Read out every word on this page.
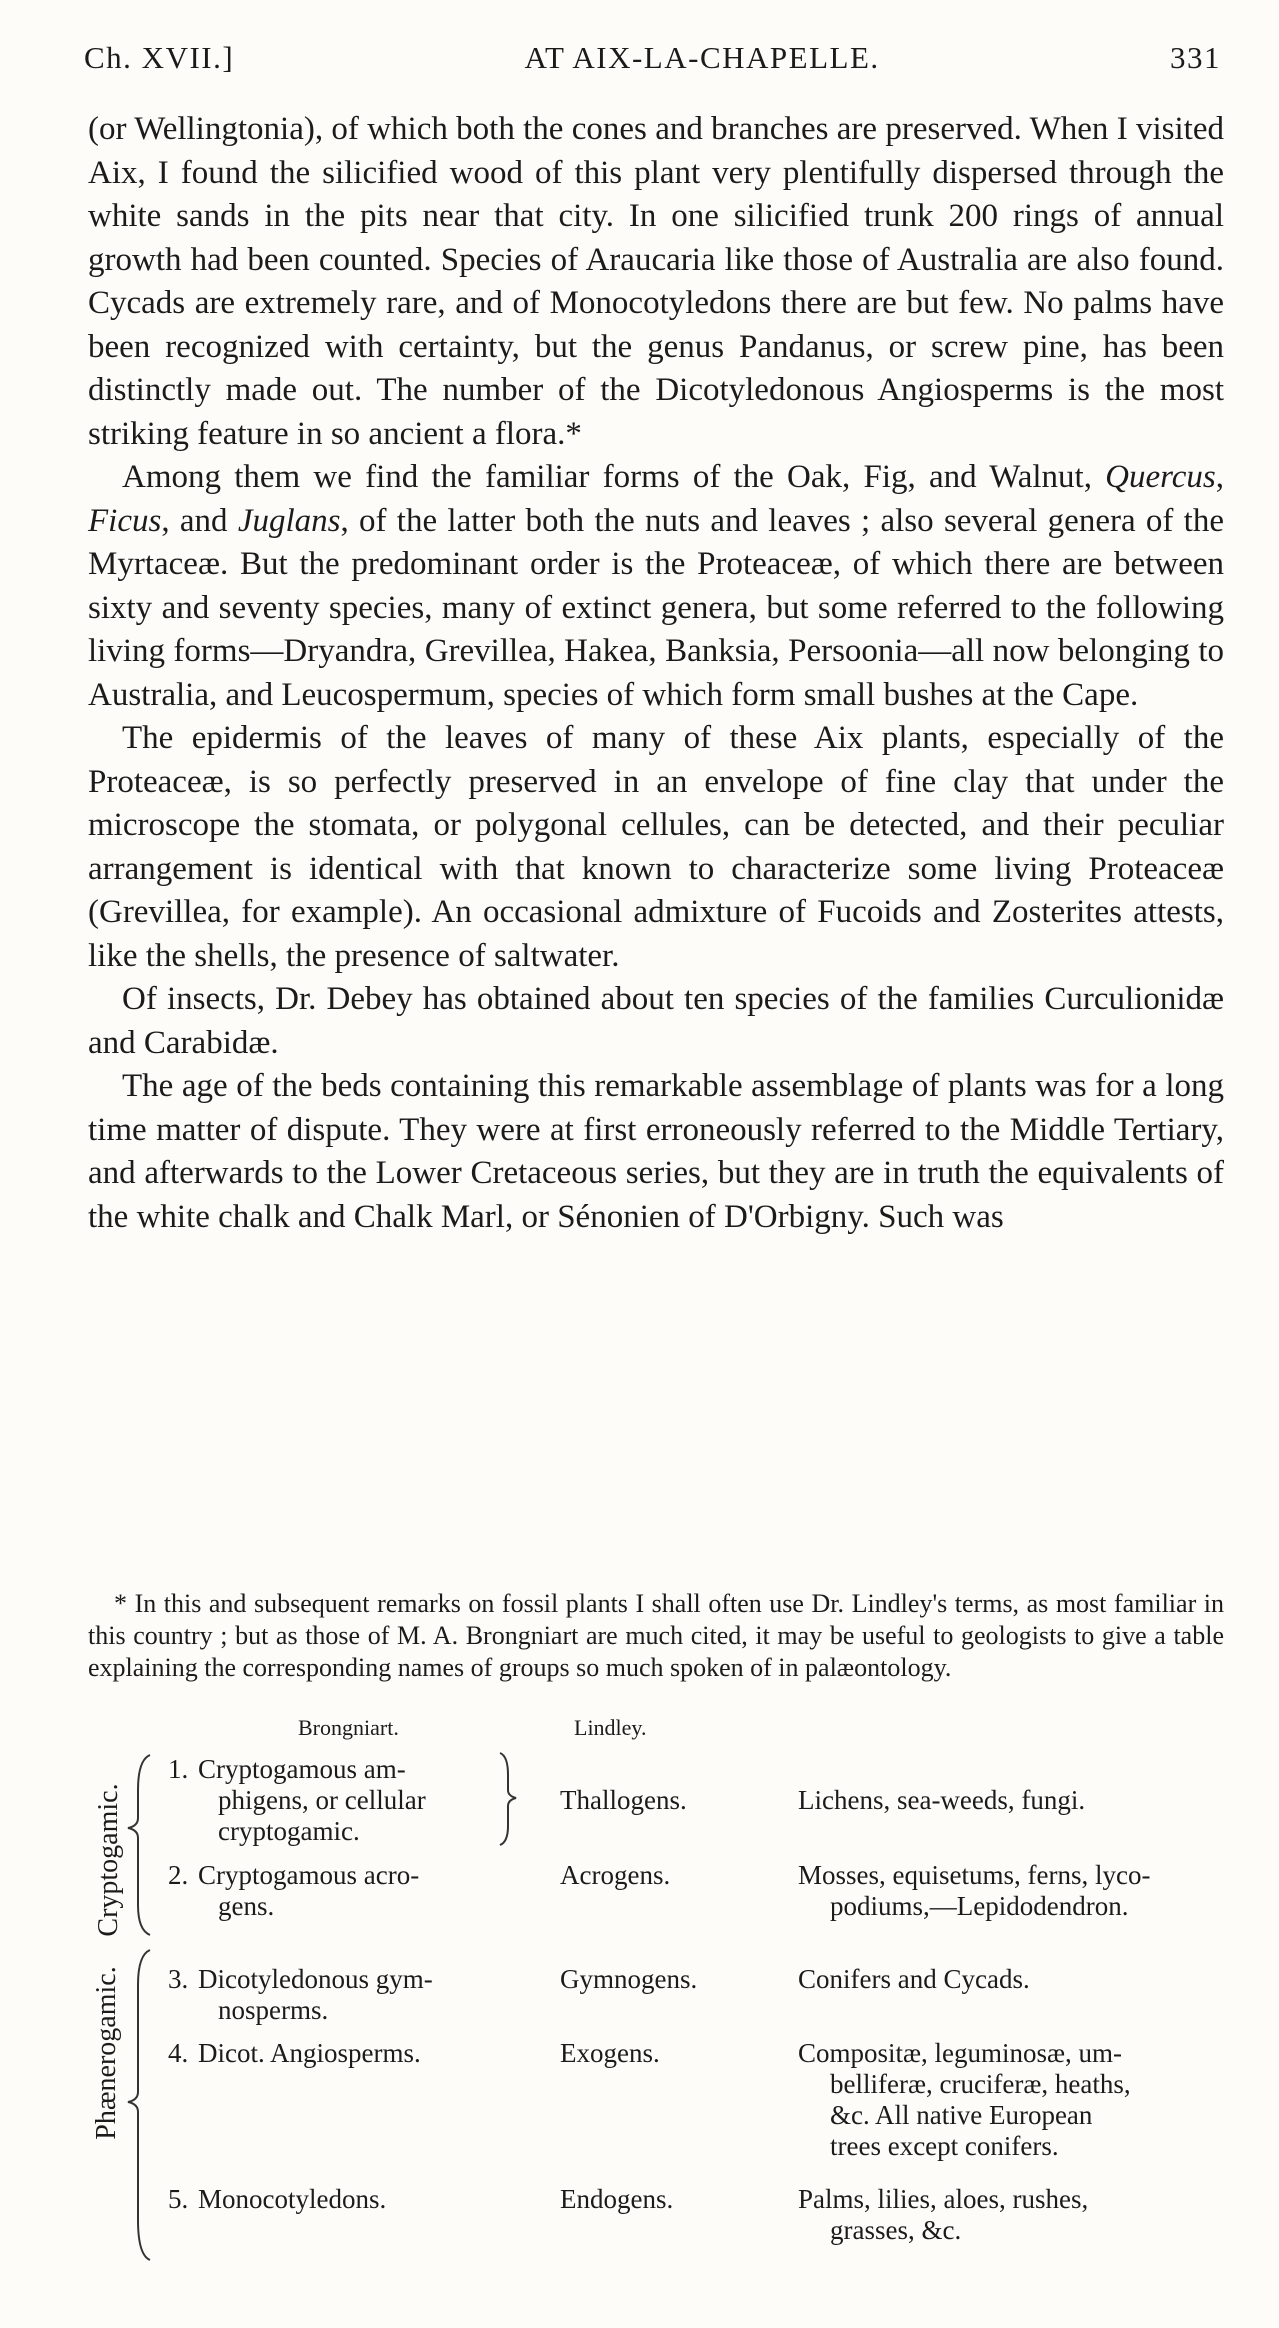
Ch. XVII.]	AT AIX-LA-CHAPELLE.	331

(or Wellingtonia), of which both the cones and branches are preserved. When I visited Aix, I found the silicified wood of this plant very plentifully dispersed through the white sands in the pits near that city. In one silicified trunk 200 rings of annual growth had been counted. Species of Araucaria like those of Australia are also found. Cycads are extremely rare, and of Monocotyledons there are but few. No palms have been recognized with certainty, but the genus Pandanus, or screw pine, has been distinctly made out. The number of the Dicotyledonous Angiosperms is the most striking feature in so ancient a flora.*

Among them we find the familiar forms of the Oak, Fig, and Walnut, Quercus, Ficus, and Juglans, of the latter both the nuts and leaves ; also several genera of the Myrtaceæ. But the predominant order is the Proteaceæ, of which there are between sixty and seventy species, many of extinct genera, but some referred to the following living forms—Dryandra, Grevillea, Hakea, Banksia, Persoonia—all now belonging to Australia, and Leucospermum, species of which form small bushes at the Cape.

The epidermis of the leaves of many of these Aix plants, especially of the Proteaceæ, is so perfectly preserved in an envelope of fine clay that under the microscope the stomata, or polygonal cellules, can be detected, and their peculiar arrangement is identical with that known to characterize some living Proteaceæ (Grevillea, for example). An occasional admixture of Fucoids and Zosterites attests, like the shells, the presence of saltwater.

Of insects, Dr. Debey has obtained about ten species of the families Curculionidæ and Carabidæ.

The age of the beds containing this remarkable assemblage of plants was for a long time matter of dispute. They were at first erroneously referred to the Middle Tertiary, and afterwards to the Lower Cretaceous series, but they are in truth the equivalents of the white chalk and Chalk Marl, or Sénonien of D'Orbigny. Such was

* In this and subsequent remarks on fossil plants I shall often use Dr. Lindley's terms, as most familiar in this country ; but as those of M. A. Brongniart are much cited, it may be useful to geologists to give a table explaining the corresponding names of groups so much spoken of in palæontology.
Brongniart.	Lindley.
Cryptogamic.
Phænerogamic.
1. Cryptogamous am-
phigens, or cellular
cryptogamic.
Thallogens.	Lichens, sea-weeds, fungi.
2. Cryptogamous acro-
gens.
Acrogens.	Mosses, equisetums, ferns, lyco-
podiums,—Lepidodendron.
3. Dicotyledonous gym-
nosperms.
Gymnogens.	Conifers and Cycads.
4. Dicot. Angiosperms.	Exogens.	Compositæ, leguminosæ, um-
belliferæ, cruciferæ, heaths,
&c. All native European
trees except conifers.
5. Monocotyledons.	Endogens.	Palms, lilies, aloes, rushes,
grasses, &c.
